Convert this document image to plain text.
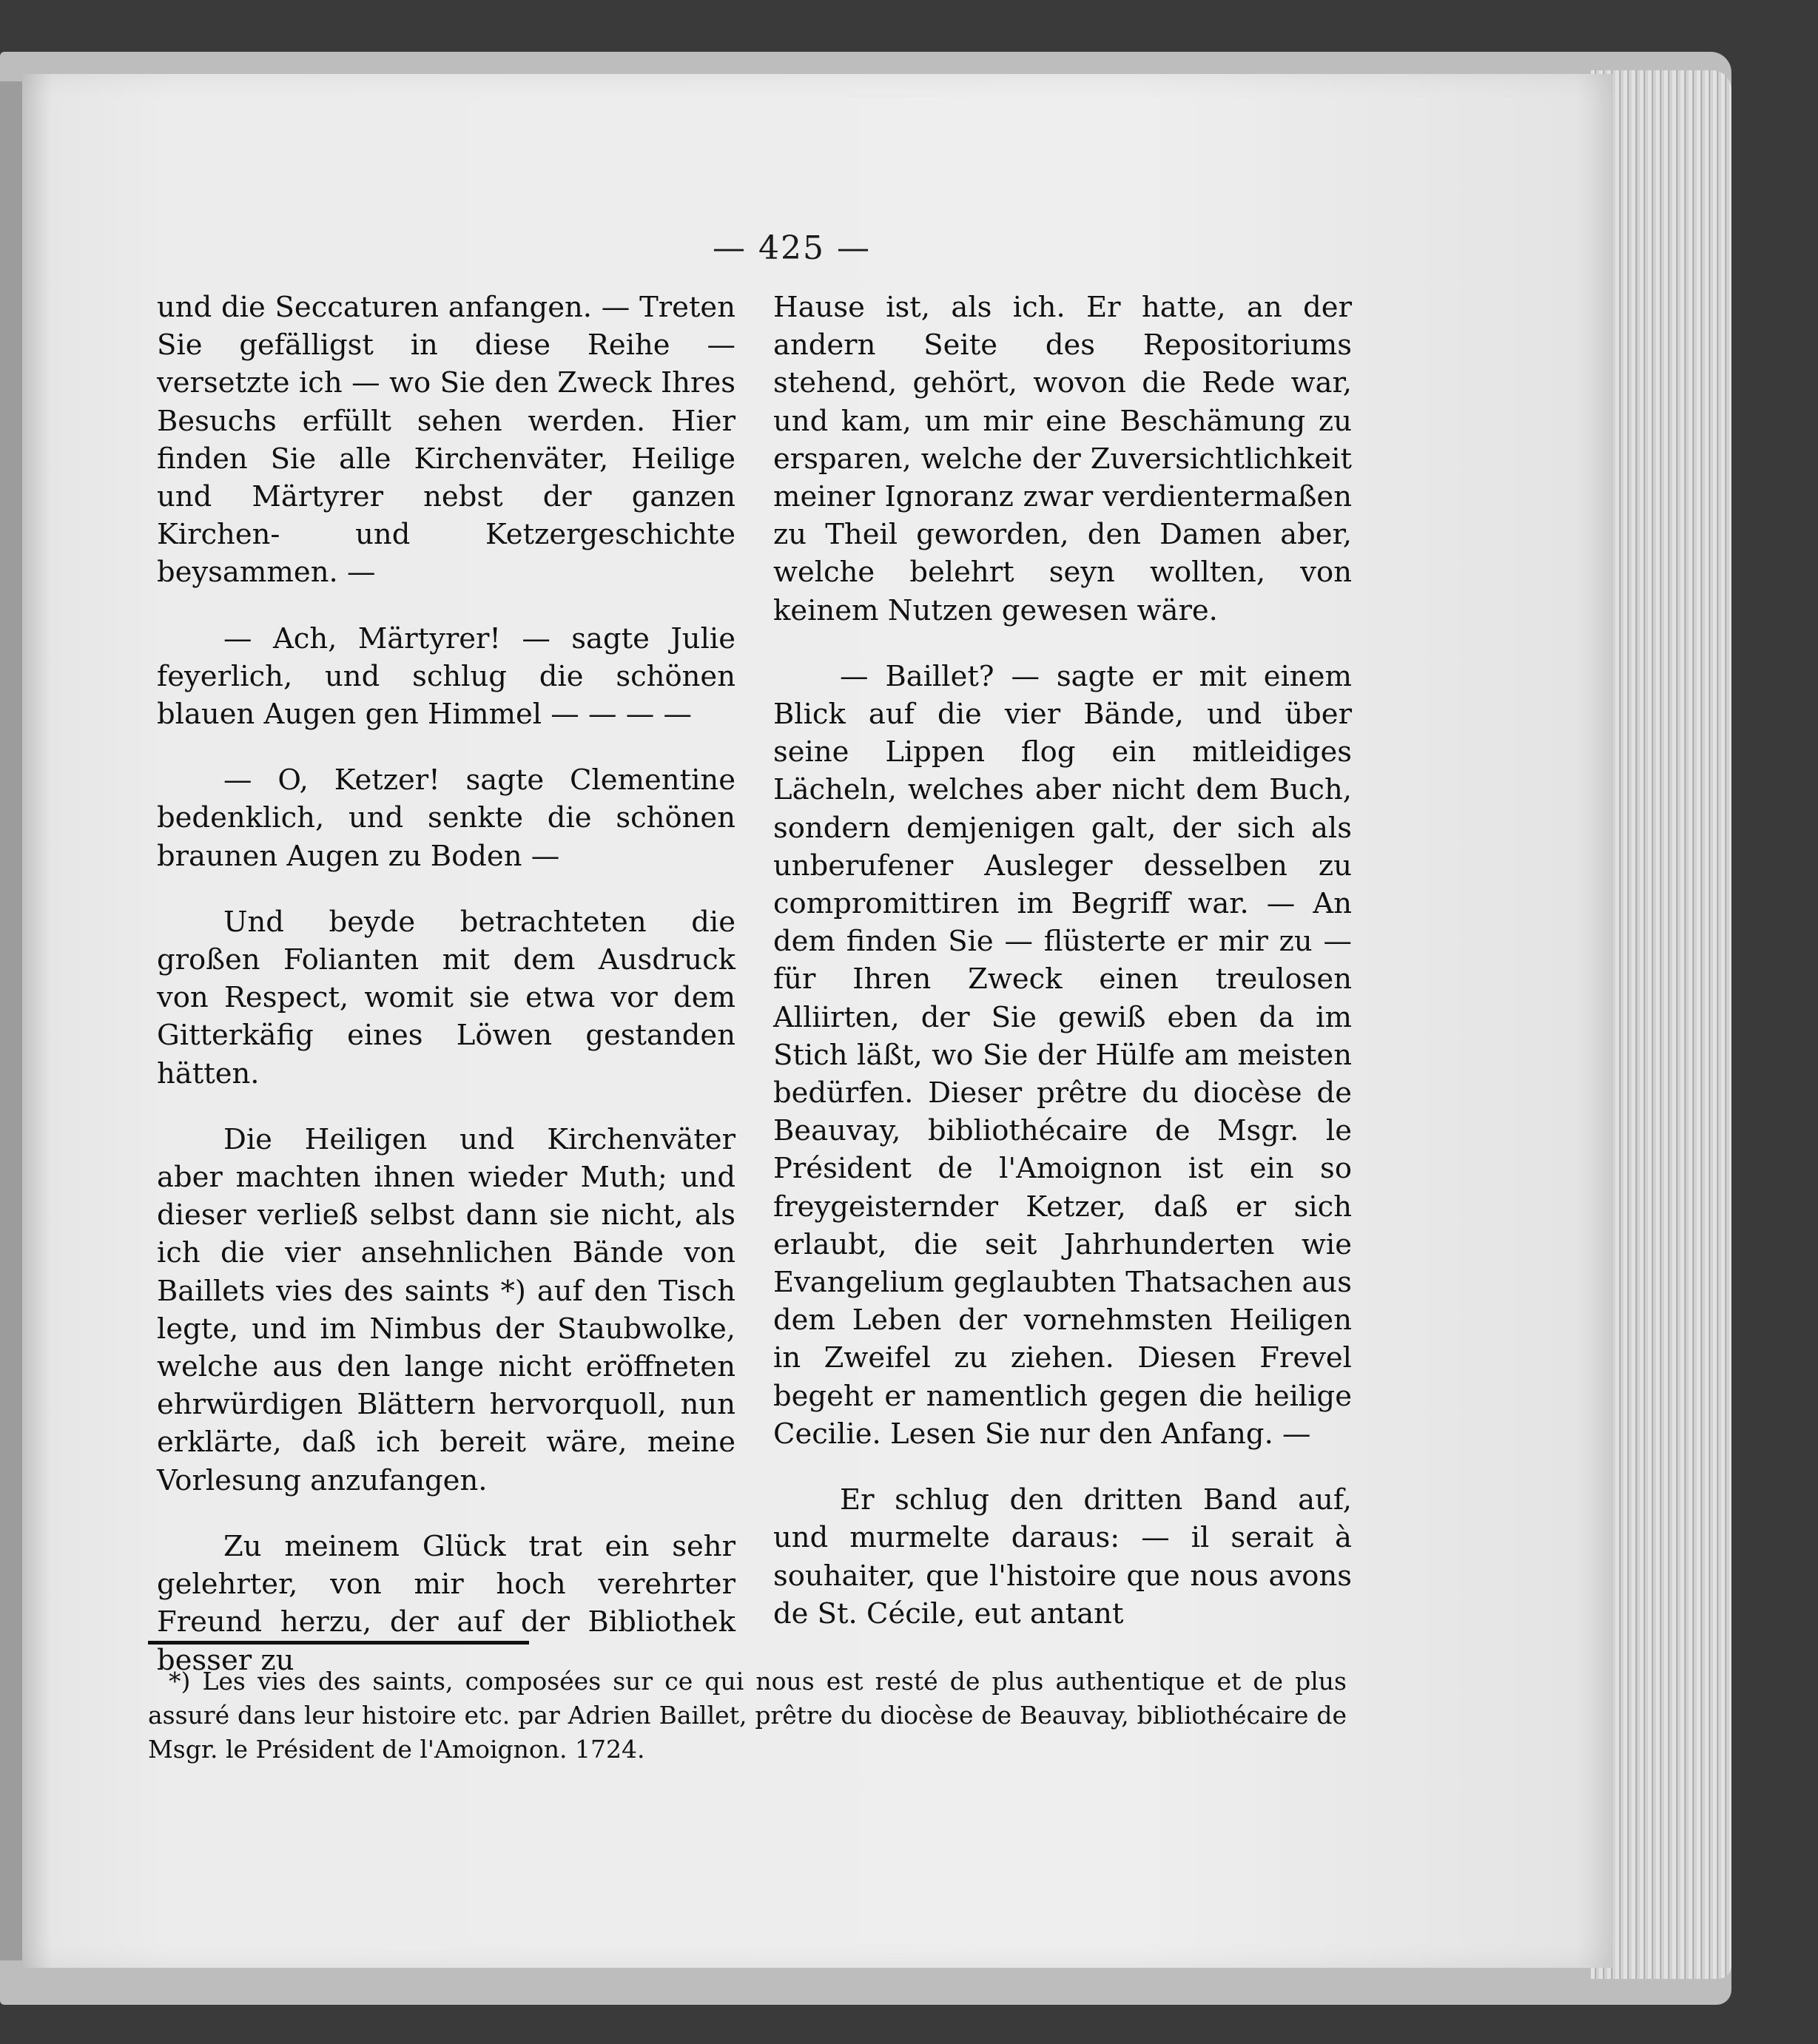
— 425 —

und die Seccaturen anfangen. — Treten Sie gefälligst in diese Reihe — versetzte ich — wo Sie den Zweck Ihres Besuchs erfüllt sehen werden. Hier finden Sie alle Kirchenväter, Heilige und Märtyrer nebst der ganzen Kirchen- und Ketzergeschichte beysammen. —

— Ach, Märtyrer! — sagte Julie feyerlich, und schlug die schönen blauen Augen gen Himmel — — — —

— O, Ketzer! sagte Clementine bedenklich, und senkte die schönen braunen Augen zu Boden —

Und beyde betrachteten die großen Folianten mit dem Ausdruck von Respect, womit sie etwa vor dem Gitterkäfig eines Löwen gestanden hätten.

Die Heiligen und Kirchenväter aber machten ihnen wieder Muth; und dieser verließ selbst dann sie nicht, als ich die vier ansehnlichen Bände von Baillets vies des saints *) auf den Tisch legte, und im Nimbus der Staubwolke, welche aus den lange nicht eröffneten ehrwürdigen Blättern hervorquoll, nun erklärte, daß ich bereit wäre, meine Vorlesung anzufangen.

Zu meinem Glück trat ein sehr gelehrter, von mir hoch verehrter Freund herzu, der auf der Bibliothek besser zu

Hause ist, als ich. Er hatte, an der andern Seite des Repositoriums stehend, gehört, wovon die Rede war, und kam, um mir eine Beschämung zu ersparen, welche der Zuversichtlichkeit meiner Ignoranz zwar verdientermaßen zu Theil geworden, den Damen aber, welche belehrt seyn wollten, von keinem Nutzen gewesen wäre.

— Baillet? — sagte er mit einem Blick auf die vier Bände, und über seine Lippen flog ein mitleidiges Lächeln, welches aber nicht dem Buch, sondern demjenigen galt, der sich als unberufener Ausleger desselben zu compromittiren im Begriff war. — An dem finden Sie — flüsterte er mir zu — für Ihren Zweck einen treulosen Alliirten, der Sie gewiß eben da im Stich läßt, wo Sie der Hülfe am meisten bedürfen. Dieser prêtre du diocèse de Beauvay, bibliothécaire de Msgr. le Président de l'Amoignon ist ein so freygeisternder Ketzer, daß er sich erlaubt, die seit Jahrhunderten wie Evangelium geglaubten Thatsachen aus dem Leben der vornehmsten Heiligen in Zweifel zu ziehen. Diesen Frevel begeht er namentlich gegen die heilige Cecilie. Lesen Sie nur den Anfang. —

Er schlug den dritten Band auf, und murmelte daraus: — il serait à souhaiter, que l'histoire que nous avons de St. Cécile, eut antant

*) Les vies des saints, composées sur ce qui nous est resté de plus authentique et de plus assuré dans leur histoire etc. par Adrien Baillet, prêtre du diocèse de Beauvay, bibliothécaire de Msgr. le Président de l'Amoignon. 1724.
